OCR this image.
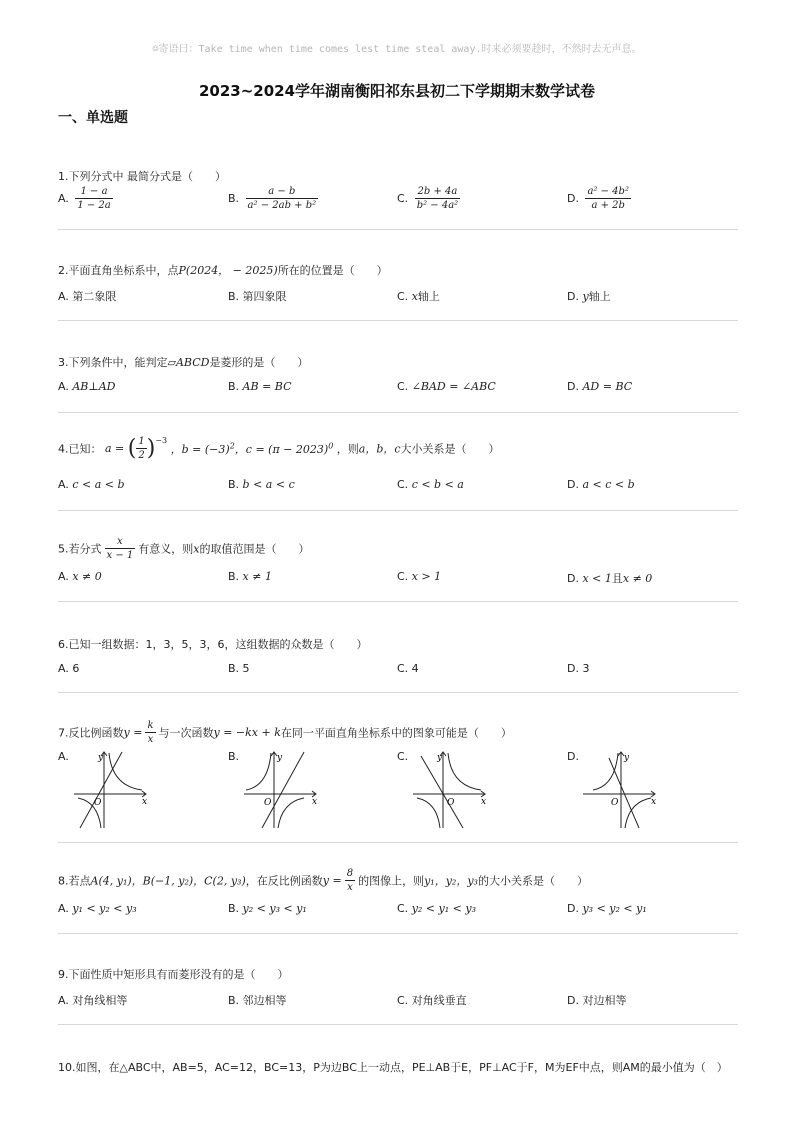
☺寄语曰：Take time when time comes lest time steal away.时来必须要趁时，不然时去无声息。
2023~2024学年湖南衡阳祁东县初二下学期期末数学试卷
一、单选题
1.下列分式中 最简分式是（　　）
A. $\frac{1 - a}{1 - 2a}$	B. $\frac{a - b}{\text{a² − 2ab + b²}}$	C. $\frac{2b + 4a}{\text{b² − 4a²}}$	D. $\frac{\text{a² − 4b²}}{a + 2b}$
2.平面直角坐标系中，点P(2024， − 2025)所在的位置是（　　）
A. 第二象限	B. 第四象限	C. x轴上	D. y轴上
3.下列条件中，能判定▱ABCD是菱形的是（　　）
A. AB⊥AD	B. AB = BC	C. ∠BAD = ∠ABC	D. AD = BC
4.已知： a = ( $\frac{1}{2} )^{-3}$ ，$b = (-3)^2$，$c = (\pi - 2023)^0$ ，则a，b，c大小关系是（　　）
A. c < a < b	B. b < a < c	C. c < b < a	D. a < c < b
5.若分式 $\frac{x}{x - 1}$ 有意义，则x的取值范围是（　　）
A. x ≠ 0	B. x ≠ 1	C. x > 1	D. x < 1且x ≠ 0
6.已知一组数据：1，3，5，3，6，这组数据的众数是（　　）
A. 6	B. 5	C. 4	D. 3
7.反比例函数$y = \frac{k}{x}$ 与一次函数y = −kx + k在同一平面直角坐标系中的图象可能是（　　）
A.	y
x
O
B.	y
x
O
C.	y
x
O
D.	y
x
O
8.若点A(4, y₁)，B(−1, y₂)，C(2, y₃)，在反比例函数$y = \frac{8}{x}$ 的图像上，则y₁，y₂，y₃的大小关系是（　　）
A. y₁ < y₂ < y₃	B. y₂ < y₃ < y₁	C. y₂ < y₁ < y₃	D. y₃ < y₂ < y₁
9.下面性质中矩形具有而菱形没有的是（　　）
A. 对角线相等	B. 邻边相等	C. 对角线垂直	D. 对边相等
10.如图，在△ABC中，AB=5，AC=12，BC=13，P为边BC上一动点，PE⊥AB于E，PF⊥AC于F，M为EF中点，则AM的最小值为（　）
